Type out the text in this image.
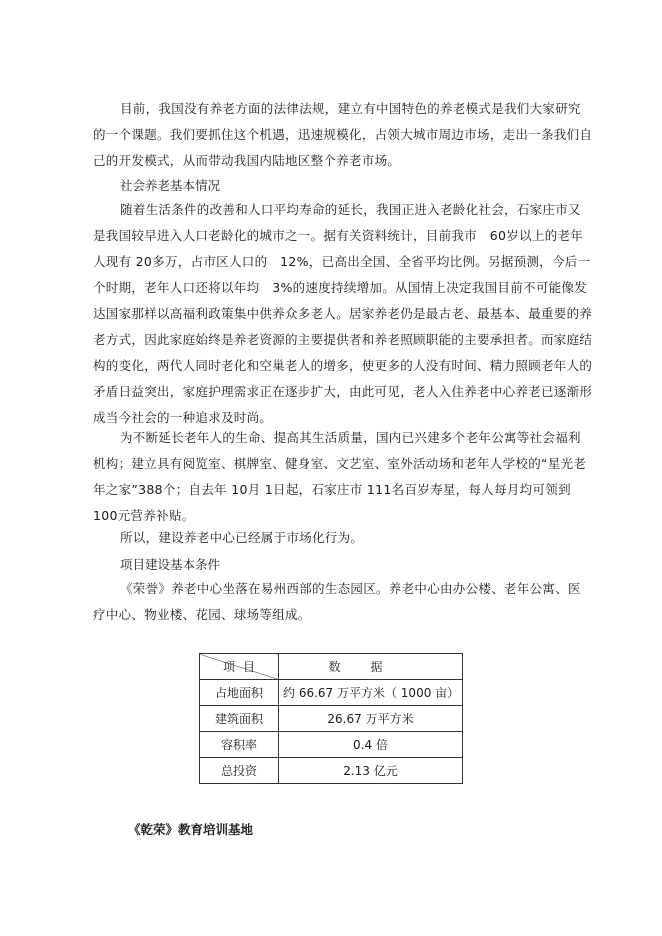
目前，我国没有养老方面的法律法规，建立有中国特色的养老模式是我们大家研究的一个课题。我们要抓住这个机遇，迅速规模化，占领大城市周边市场，走出一条我们自己的开发模式，从而带动我国内陆地区整个养老市场。

社会养老基本情况

随着生活条件的改善和人口平均寿命的延长，我国正进入老龄化社会，石家庄市又是我国较早进入人口老龄化的城市之一。据有关资料统计，目前我市　60岁以上的老年人现有 20多万，占市区人口的　12%，已高出全国、全省平均比例。另据预测，今后一个时期，老年人口还将以年均　3%的速度持续增加。从国情上决定我国目前不可能像发达国家那样以高福利政策集中供养众多老人。居家养老仍是最古老、最基本、最重要的养老方式，因此家庭始终是养老资源的主要提供者和养老照顾职能的主要承担者。而家庭结构的变化，两代人同时老化和空巢老人的增多，使更多的人没有时间、精力照顾老年人的矛盾日益突出，家庭护理需求正在逐步扩大，由此可见，老人入住养老中心养老已逐渐形成当今社会的一种追求及时尚。

为不断延长老年人的生命、提高其生活质量，国内已兴建多个老年公寓等社会福利机构；建立具有阅览室、棋牌室、健身室、文艺室、室外活动场和老年人学校的“星光老年之家”388个；自去年 10月 1日起，石家庄市 111名百岁寿星，每人每月均可领到 100元营养补贴。

所以，建设养老中心已经属于市场化行为。

项目建设基本条件

《荣誉》养老中心坐落在易州西部的生态园区。养老中心由办公楼、老年公寓、医疗中心、物业楼、花园、球场等组成。

项目	数据
占地面积	约 66.67 万平方米（ 1000 亩）
建筑面积	26.67 万平方米
容积率	0.4 倍
总投资	2.13 亿元

《乾荣》教育培训基地
